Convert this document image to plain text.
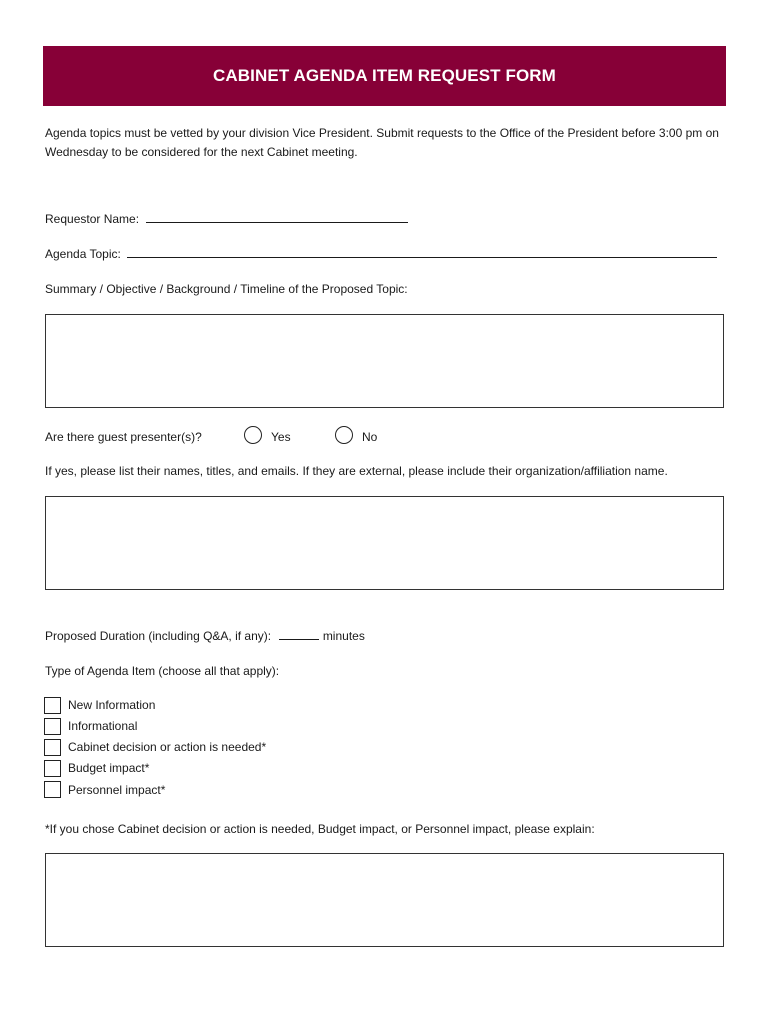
CABINET AGENDA ITEM REQUEST FORM
Agenda topics must be vetted by your division Vice President. Submit requests to the Office of the President before 3:00 pm on Wednesday to be considered for the next Cabinet meeting.
Requestor Name:
Agenda Topic:
Summary / Objective / Background / Timeline of the Proposed Topic:
Are there guest presenter(s)?	Yes	No
If yes, please list their names, titles, and emails. If they are external, please include their organization/affiliation name.
Proposed Duration (including Q&A, if any):	minutes
Type of Agenda Item (choose all that apply):
New Information
Informational
Cabinet decision or action is needed*
Budget impact*
Personnel impact*
*If you chose Cabinet decision or action is needed, Budget impact, or Personnel impact, please explain:
